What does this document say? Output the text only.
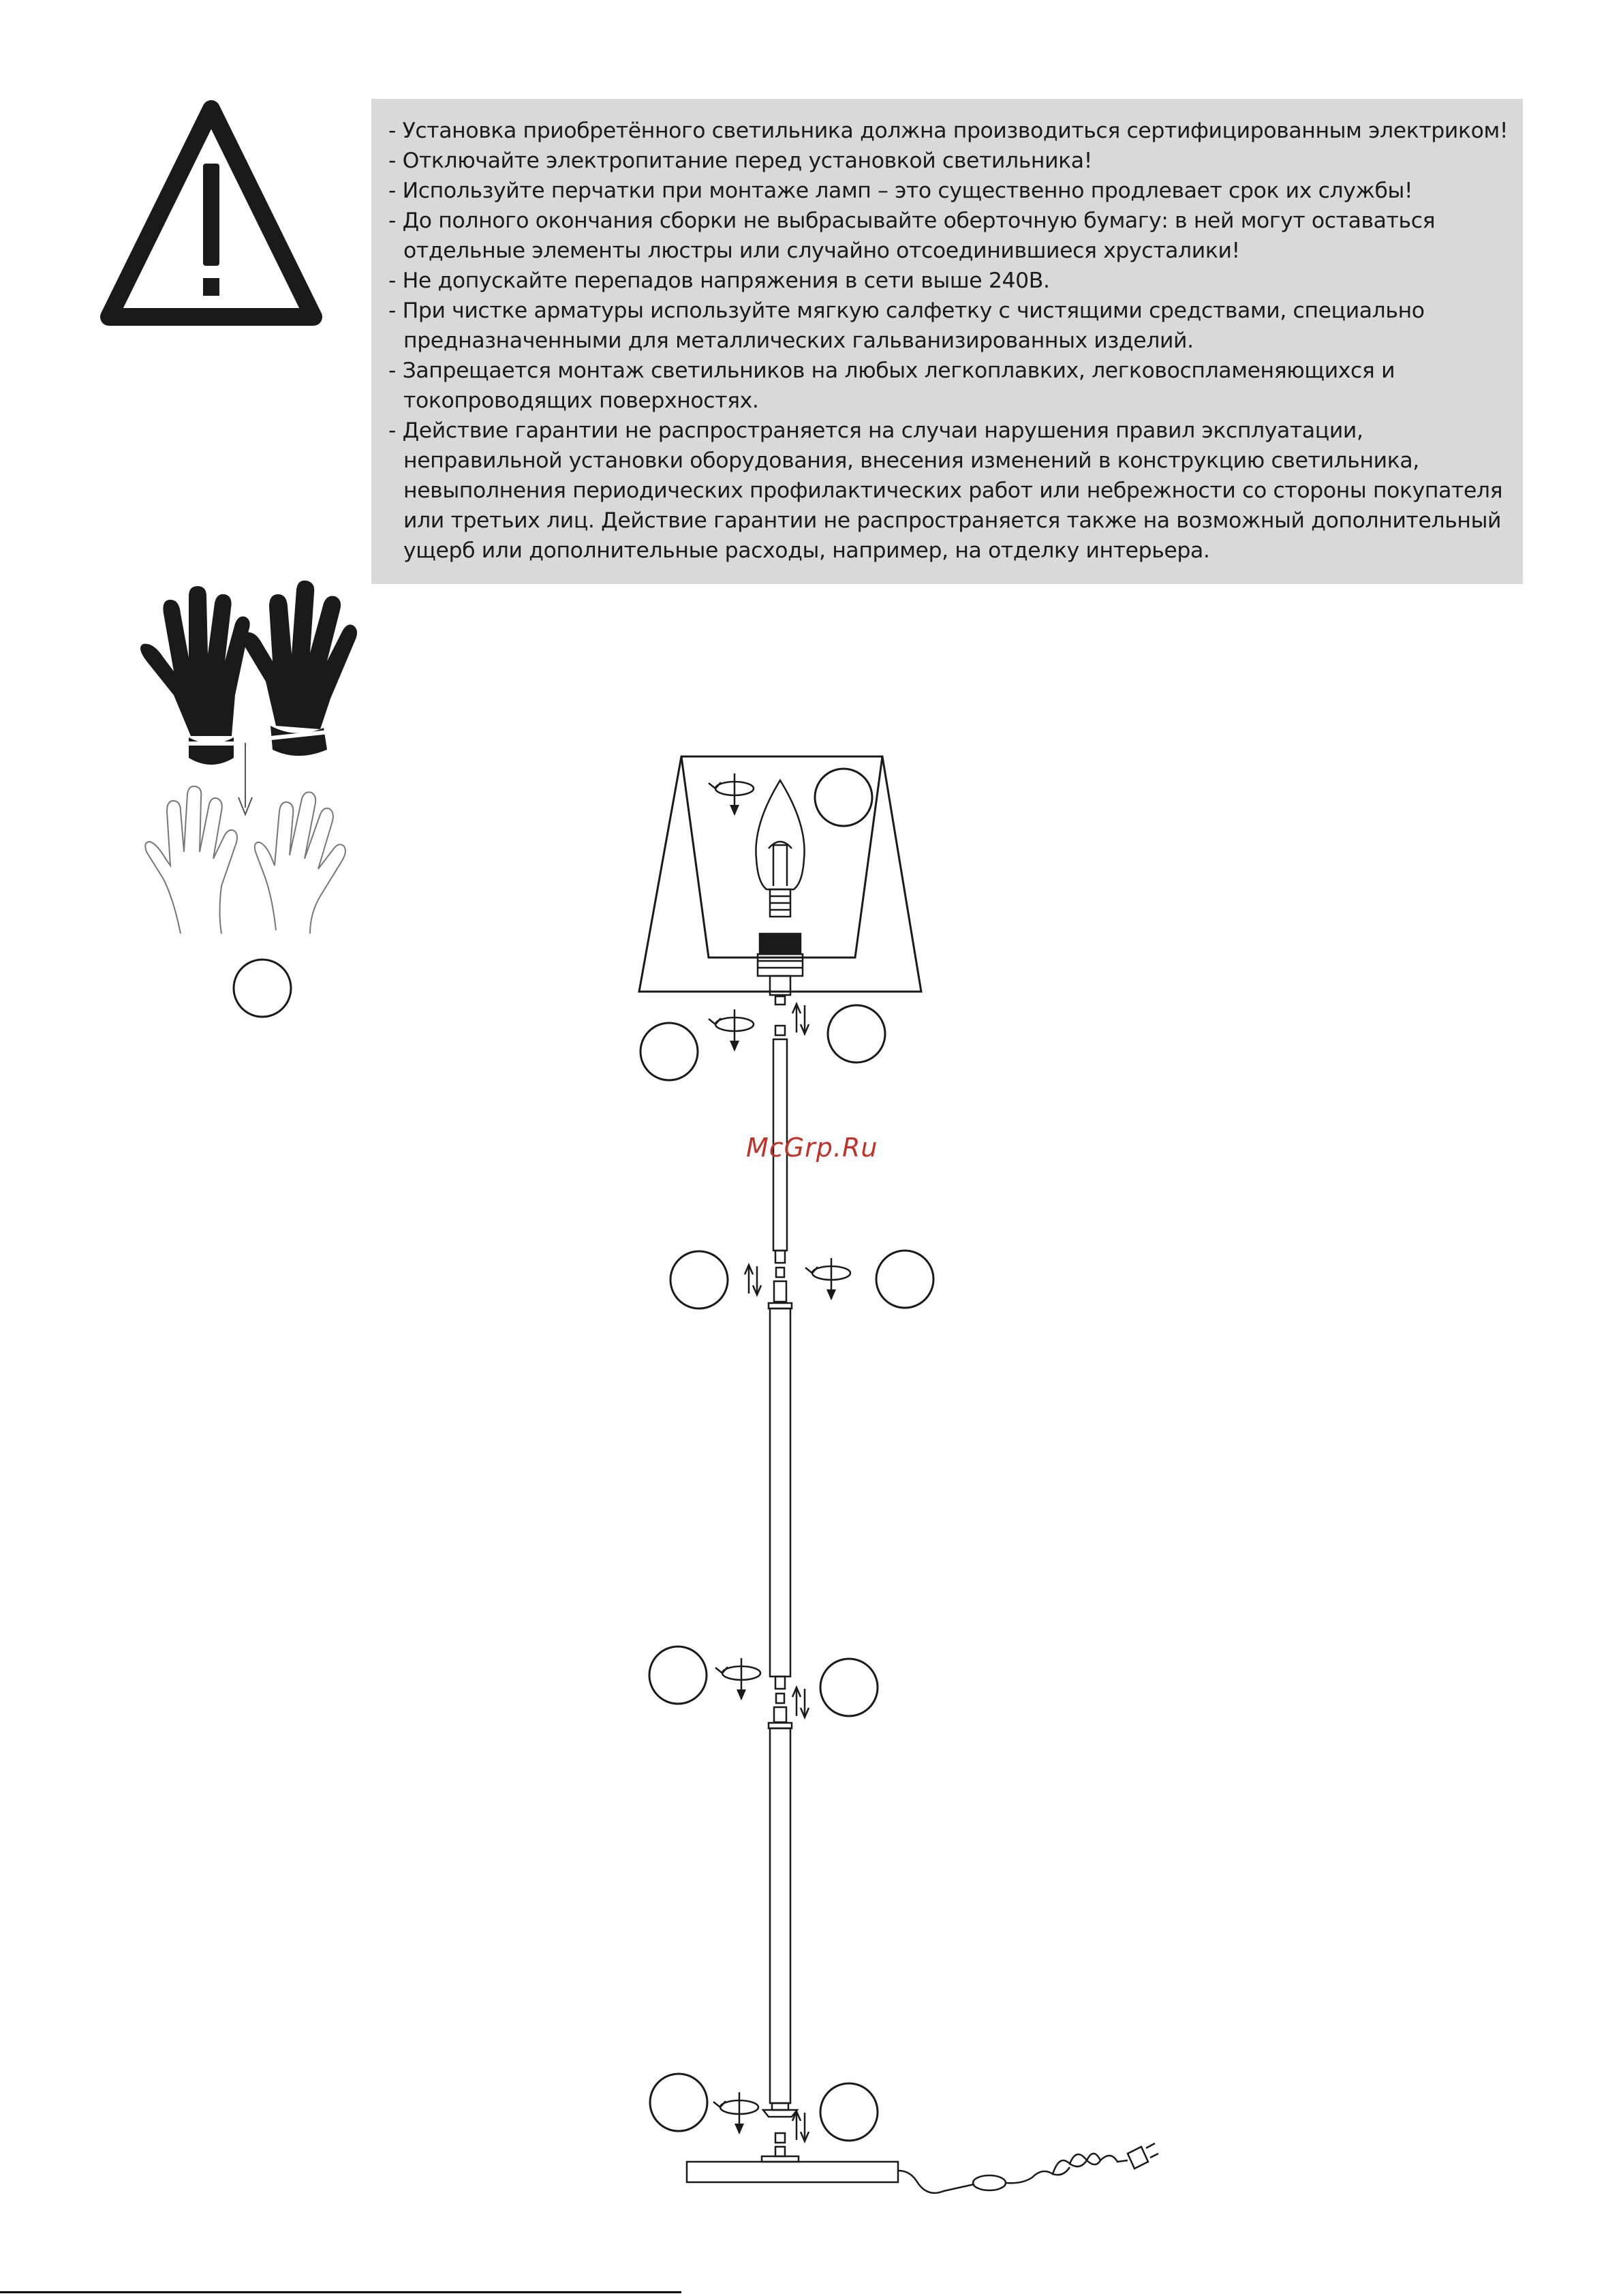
- Установка приобретённого светильника должна производиться сертифицированным электриком!
- Отключайте электропитание перед установкой светильника!
- Используйте перчатки при монтаже ламп – это существенно продлевает срок их службы!
- До полного окончания сборки не выбрасывайте оберточную бумагу: в ней могут оставаться
отдельные элементы люстры или случайно отсоединившиеся хрусталики!
- Не допускайте перепадов напряжения в сети выше 240В.
- При чистке арматуры используйте мягкую салфетку с чистящими средствами, специально
предназначенными для металлических гальванизированных изделий.
- Запрещается монтаж светильников на любых легкоплавких, легковоспламеняющихся и
токопроводящих поверхностях.
- Действие гарантии не распространяется на случаи нарушения правил эксплуатации,
неправильной установки оборудования, внесения изменений в конструкцию светильника,
невыполнения периодических профилактических работ или небрежности со стороны покупателя
или третьих лиц. Действие гарантии не распространяется также на возможный дополнительный
ущерб или дополнительные расходы, например, на отделку интерьера.
McGrp.Ru
